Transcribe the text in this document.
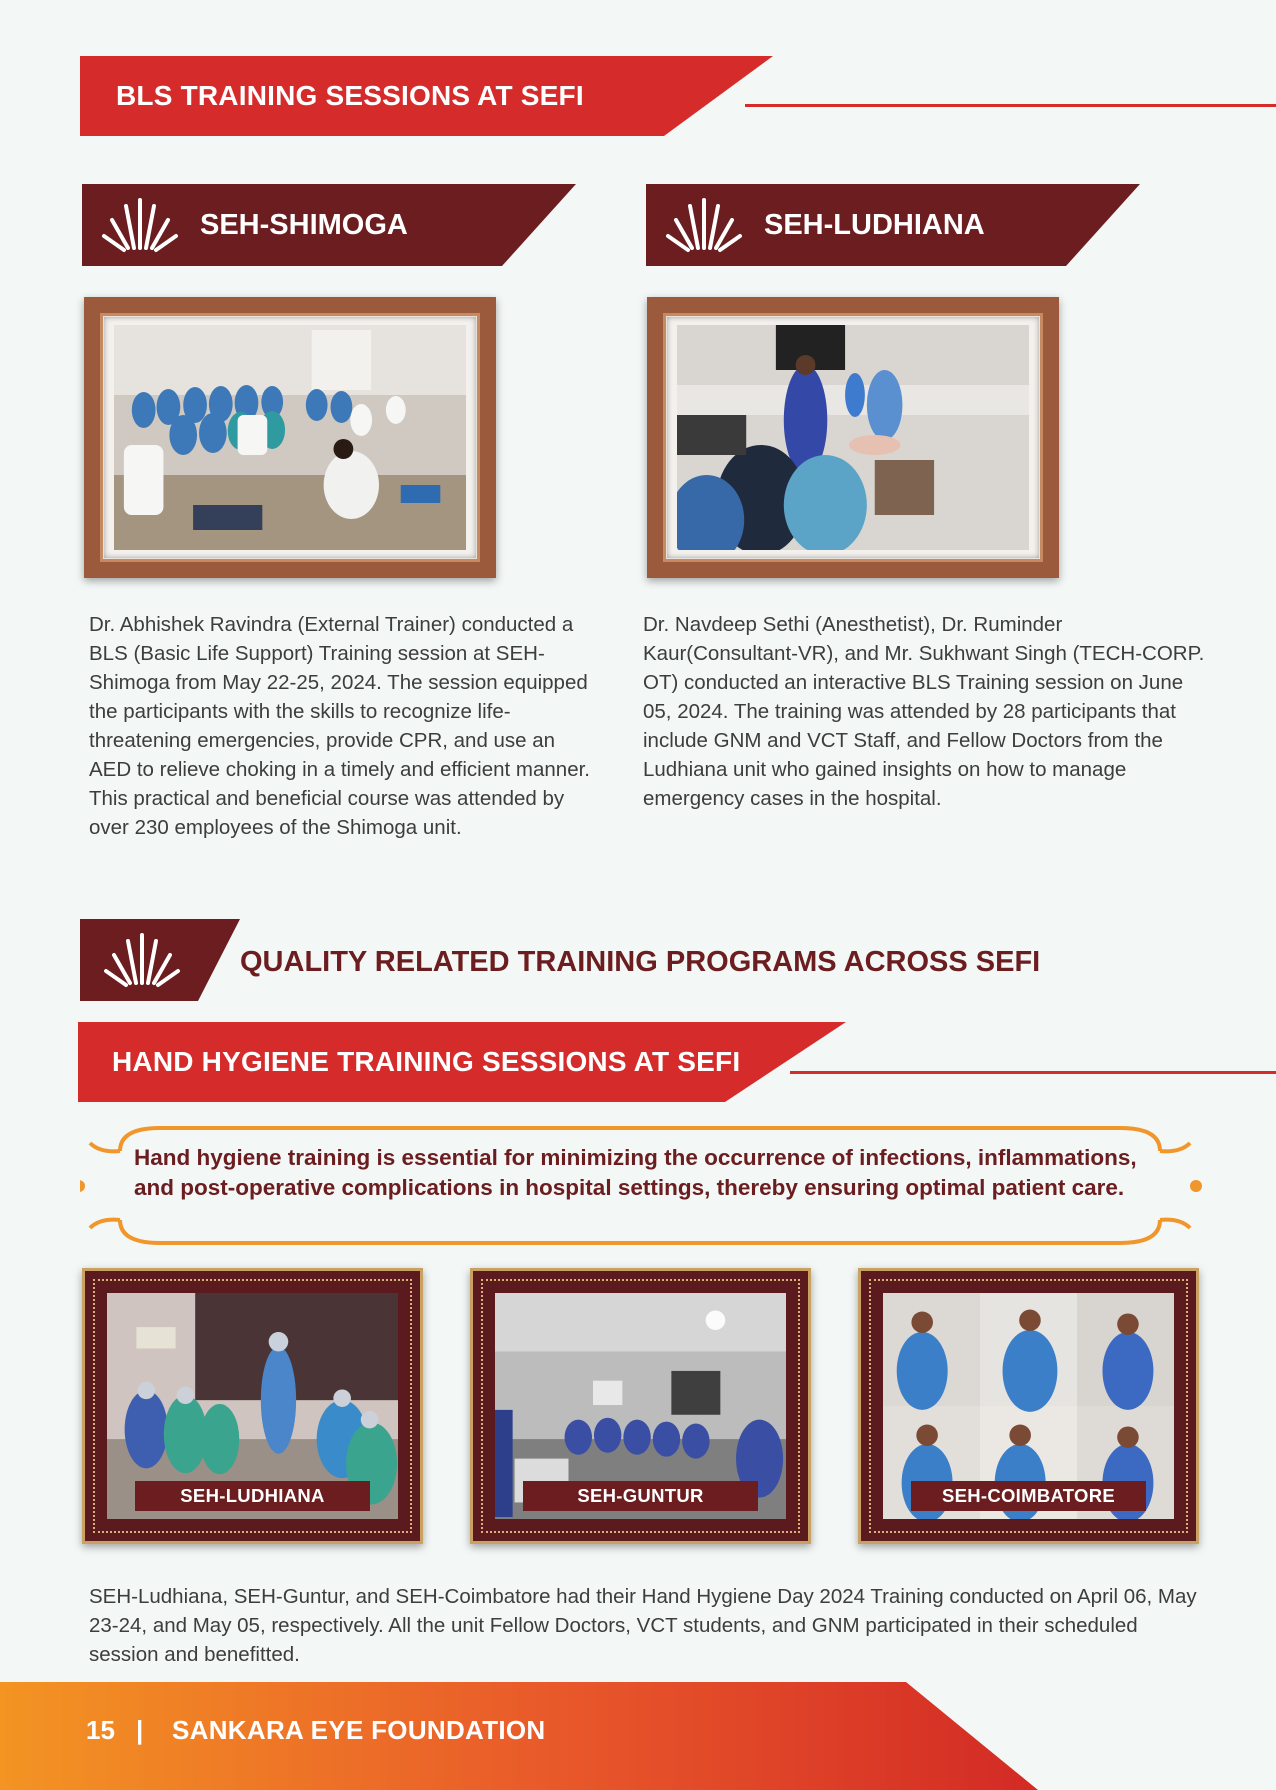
BLS TRAINING SESSIONS AT SEFI
SEH-SHIMOGA	SEH-LUDHIANA
Dr. Abhishek Ravindra (External Trainer) conducted a BLS (Basic Life Support) Training session at SEH-Shimoga from May 22-25, 2024. The session equipped the participants with the skills to recognize life-threatening emergencies, provide CPR, and use an AED to relieve choking in a timely and efficient manner. This practical and beneficial course was attended by over 230 employees of the Shimoga unit.
Dr. Navdeep Sethi (Anesthetist), Dr. Ruminder Kaur(Consultant-VR), and Mr. Sukhwant Singh (TECH-CORP. OT) conducted an interactive BLS Training session on June 05, 2024. The training was attended by 28 participants that include GNM and VCT Staff, and Fellow Doctors from the Ludhiana unit who gained insights on how to manage emergency cases in the hospital.
QUALITY RELATED TRAINING PROGRAMS ACROSS SEFI
HAND HYGIENE TRAINING SESSIONS AT SEFI
Hand hygiene training is essential for minimizing the occurrence of infections, inflammations, and post-operative complications in hospital settings, thereby ensuring optimal patient care.
SEH-LUDHIANA	SEH-GUNTUR	SEH-COIMBATORE
SEH-Ludhiana, SEH-Guntur, and SEH-Coimbatore had their Hand Hygiene Day 2024 Training conducted on April 06, May 23-24, and May 05, respectively. All the unit Fellow Doctors, VCT students, and GNM participated in their scheduled session and benefitted.
15 | SANKARA EYE FOUNDATION
